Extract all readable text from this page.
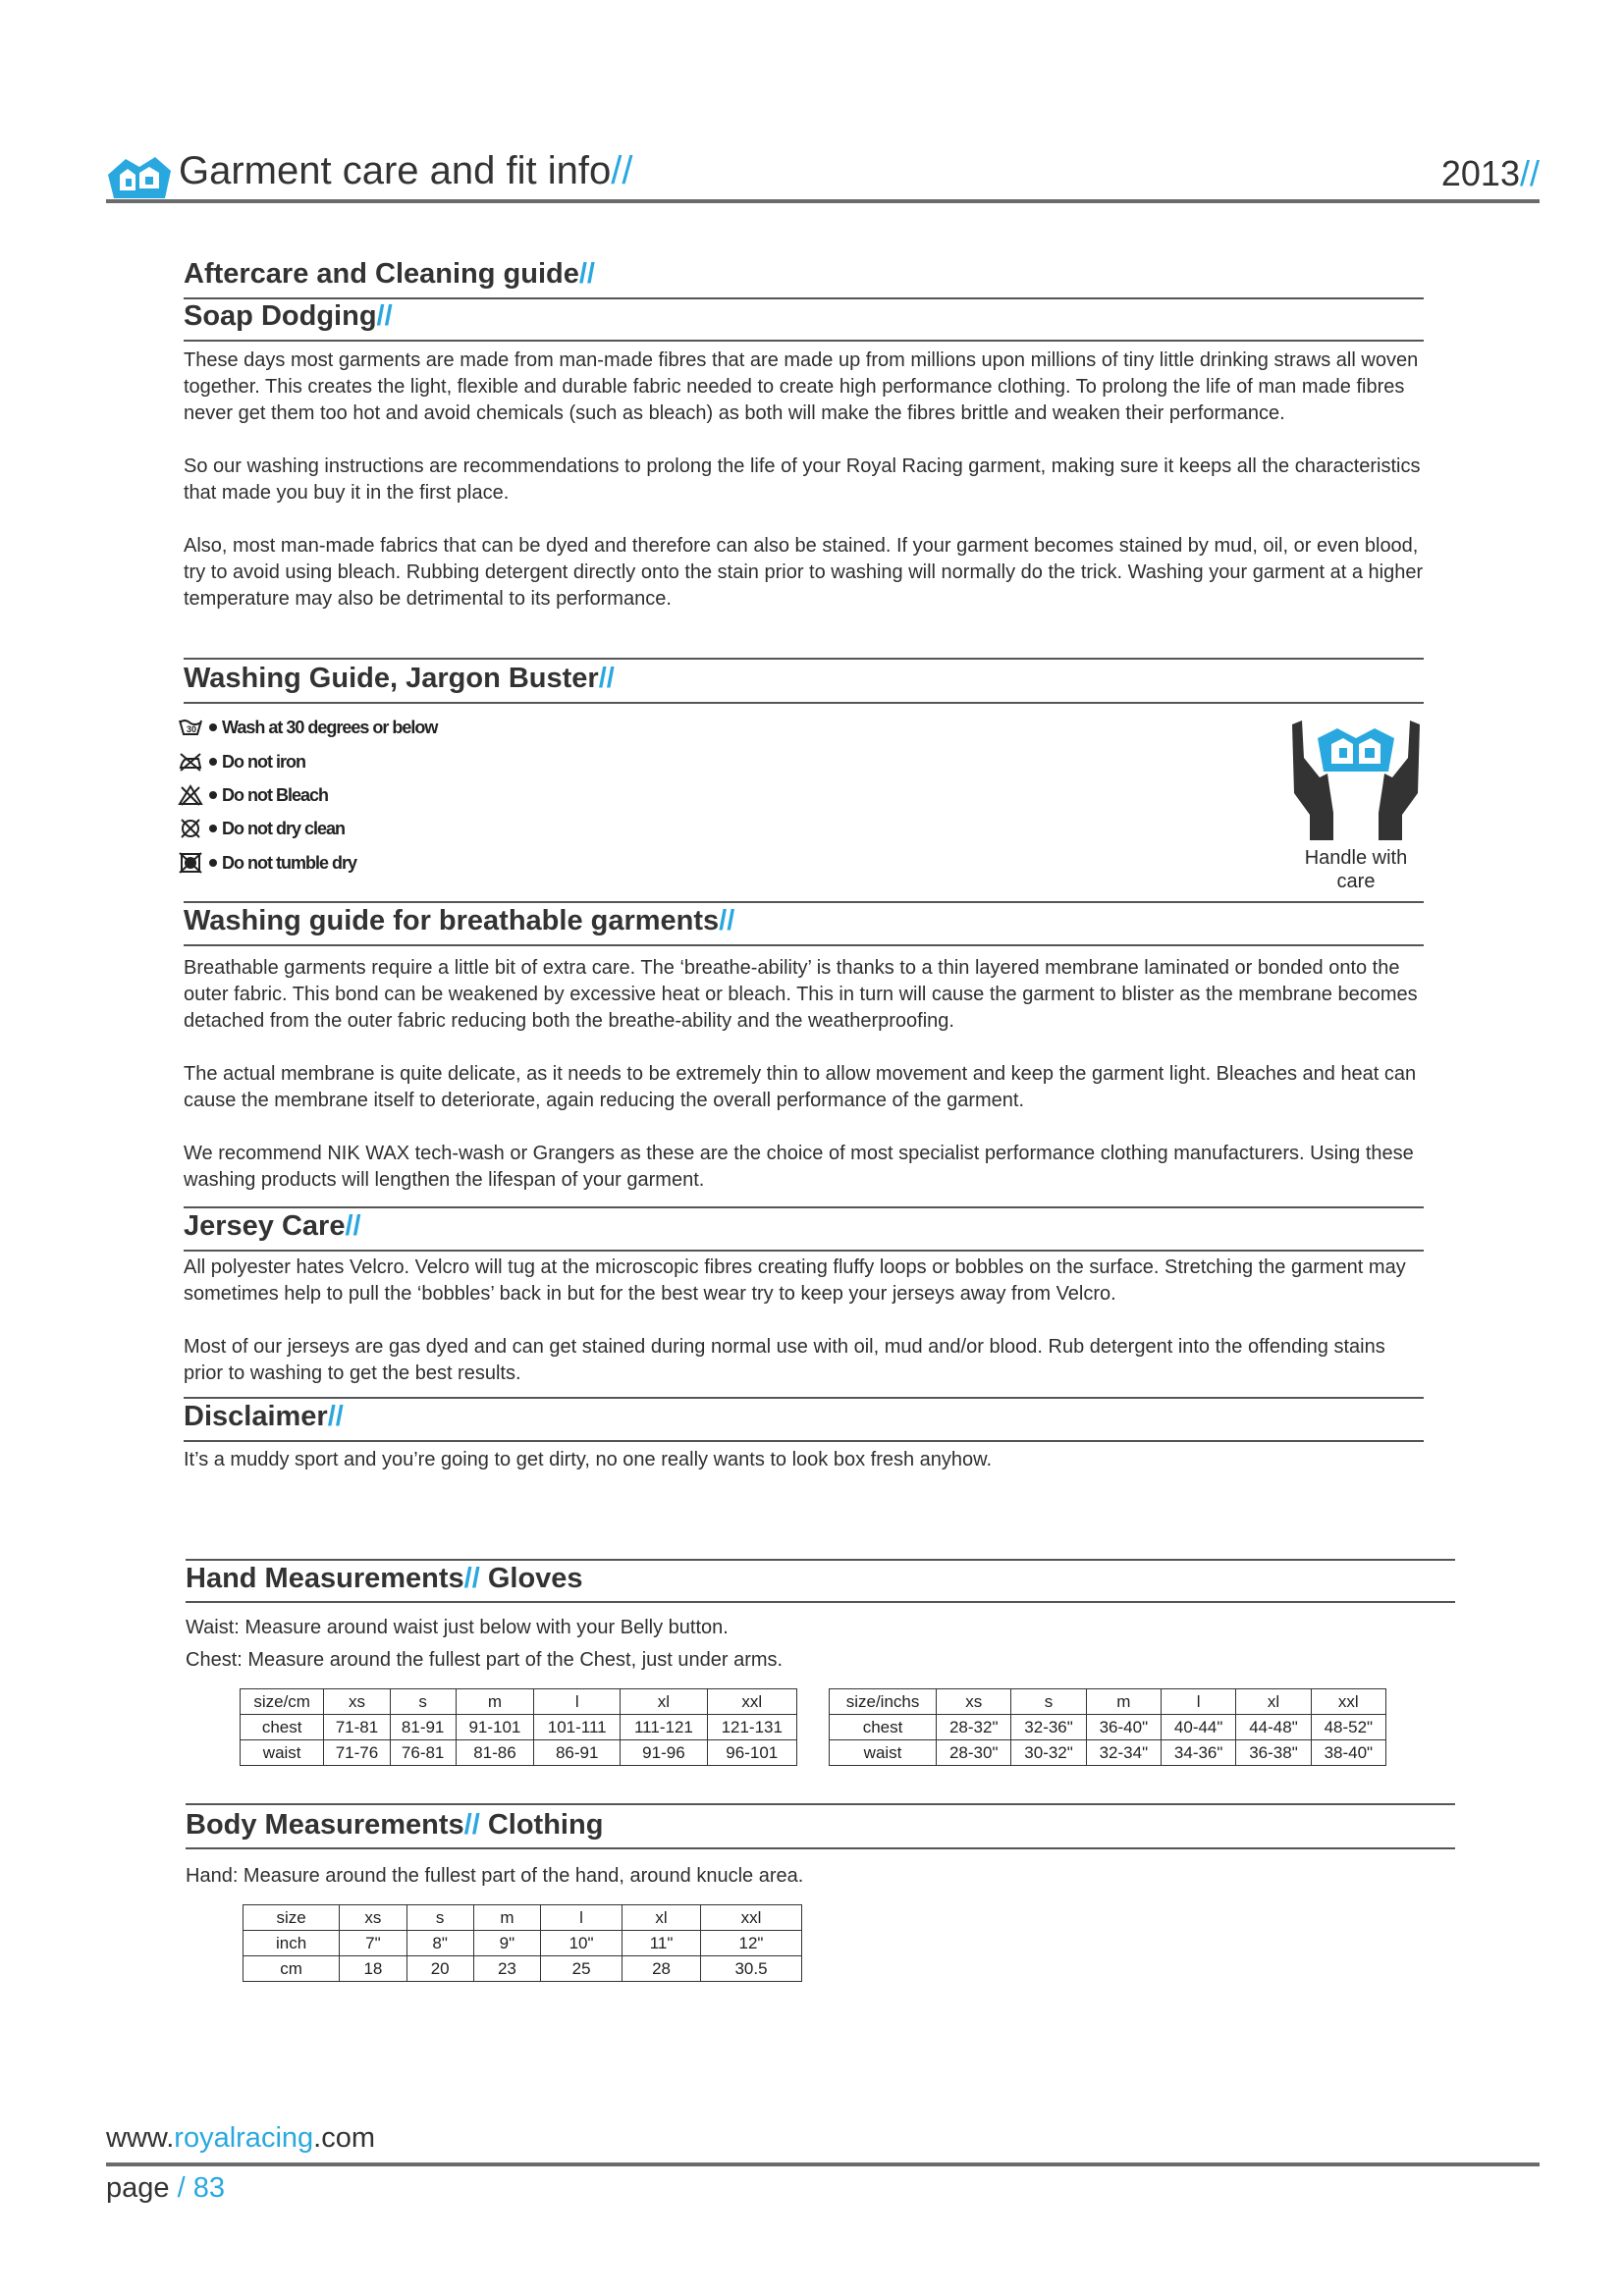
Garment care and fit info//	2013//
Aftercare and Cleaning guide//
Soap Dodging//

These days most garments are made from man-made fibres that are made up from millions upon millions of tiny little drinking straws all woven together. This creates the light, flexible and durable fabric needed to create high performance clothing. To prolong the life of man made fibres never get them too hot and avoid chemicals (such as bleach) as both will make the fibres brittle and weaken their performance.

So our washing instructions are recommendations to prolong the life of your Royal Racing garment, making sure it keeps all the characteristics that made you buy it in the first place.

Also, most man-made fabrics that can be dyed and therefore can also be stained. If your garment becomes stained by mud, oil, or even blood, try to avoid using bleach. Rubbing detergent directly onto the stain prior to washing will normally do the trick. Washing your garment at a higher temperature may also be detrimental to its performance.

Washing Guide, Jargon Buster//
30 Wash at 30 degrees or below
Do not iron
Do not Bleach
Do not dry clean
Do not tumble dry	Handle with
care
Washing guide for breathable garments//

Breathable garments require a little bit of extra care. The ‘breathe-ability’ is thanks to a thin layered membrane laminated or bonded onto the outer fabric. This bond can be weakened by excessive heat or bleach. This in turn will cause the garment to blister as the membrane becomes detached from the outer fabric reducing both the breathe-ability and the weatherproofing.

The actual membrane is quite delicate, as it needs to be extremely thin to allow movement and keep the garment light. Bleaches and heat can cause the membrane itself to deteriorate, again reducing the overall performance of the garment.

We recommend NIK WAX tech-wash or Grangers as these are the choice of most specialist performance clothing manufacturers. Using these washing products will lengthen the lifespan of your garment.

Jersey Care//

All polyester hates Velcro. Velcro will tug at the microscopic fibres creating fluffy loops or bobbles on the surface. Stretching the garment may sometimes help to pull the ‘bobbles’ back in but for the best wear try to keep your jerseys away from Velcro.

Most of our jerseys are gas dyed and can get stained during normal use with oil, mud and/or blood. Rub detergent into the offending stains prior to washing to get the best results.

Disclaimer//
It’s a muddy sport and you’re going to get dirty, no one really wants to look box fresh anyhow.
Hand Measurements// Gloves
Waist: Measure around waist just below with your Belly button.
Chest: Measure around the fullest part of the Chest, just under arms.
size/cm	xs	s	m	l	xl	xxl
chest	71-81	81-91	91-101	101-111	111-121	121-131
waist	71-76	76-81	81-86	86-91	91-96	96-101
size/inchs	xs	s	m	l	xl	xxl
chest	28-32"	32-36"	36-40"	40-44"	44-48"	48-52"
waist	28-30"	30-32"	32-34"	34-36"	36-38"	38-40"
Body Measurements// Clothing
Hand: Measure around the fullest part of the hand, around knucle area.
size	xs	s	m	l	xl	xxl
inch	7"	8"	9"	10"	11"	12"
cm	18	20	23	25	28	30.5
www.royalracing.com
page / 83
